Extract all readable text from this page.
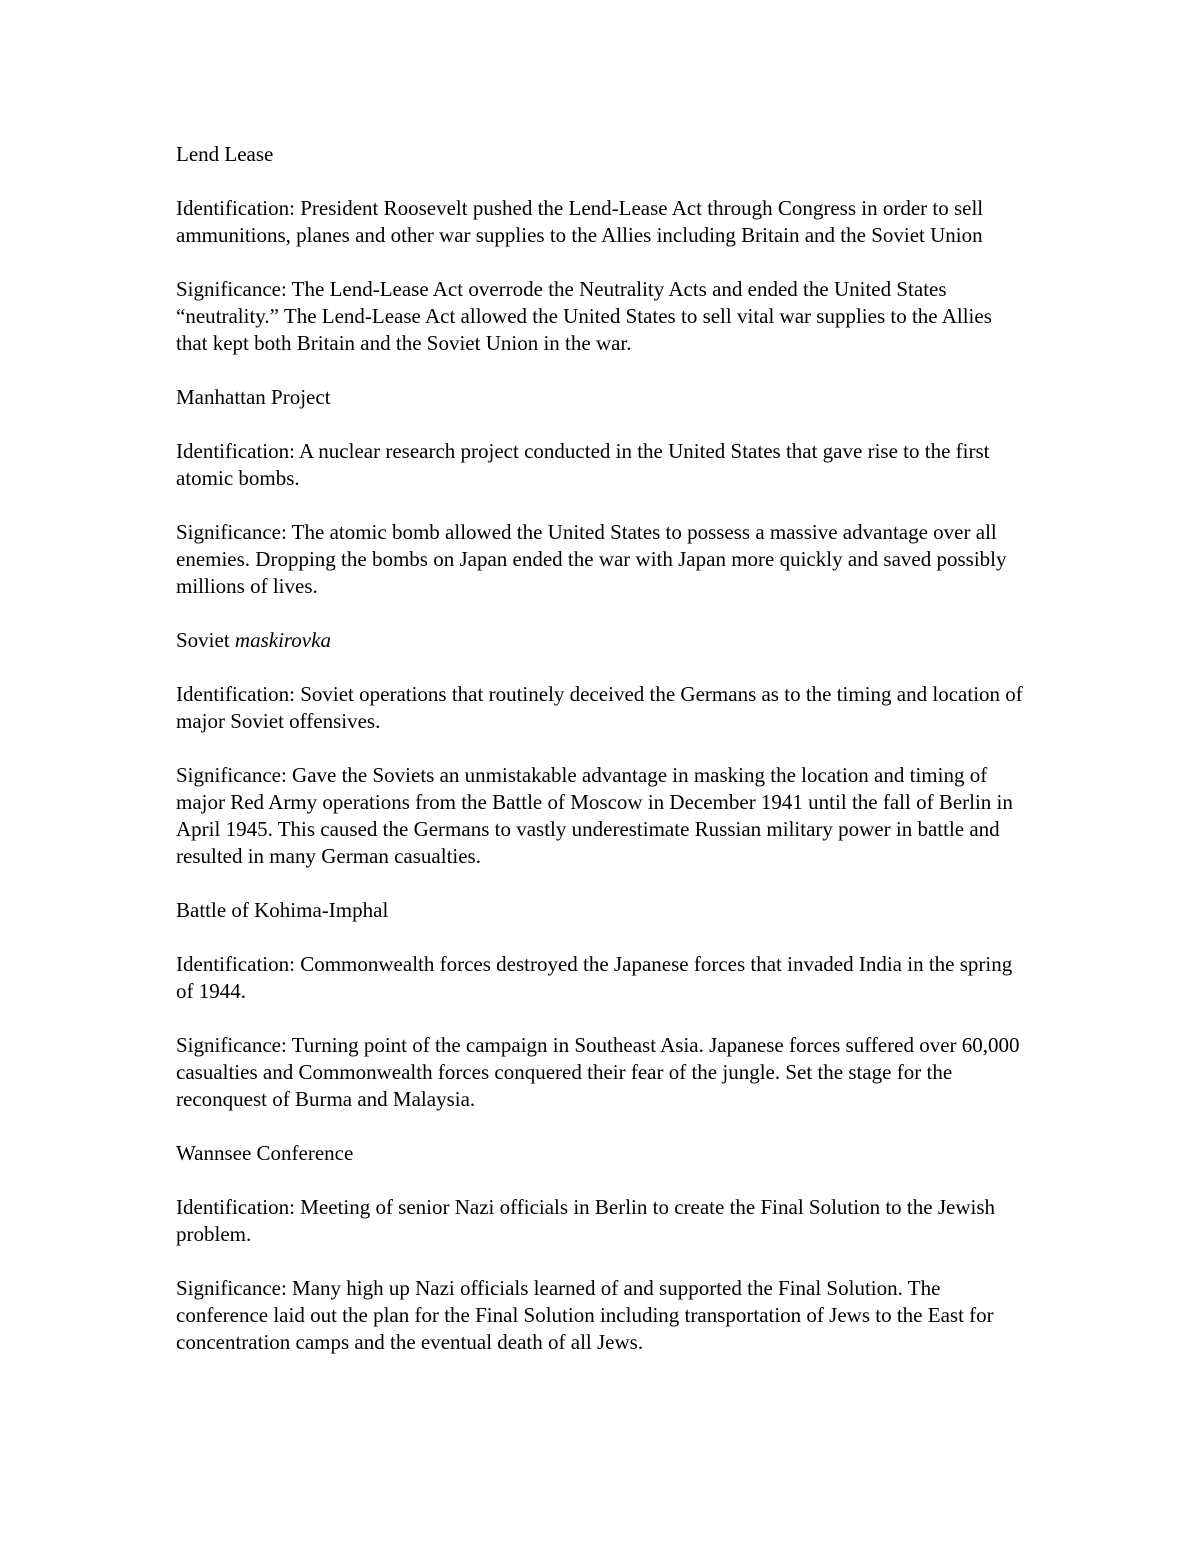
Lend Lease

Identification: President Roosevelt pushed the Lend-Lease Act through Congress in order to sell ammunitions, planes and other war supplies to the Allies including Britain and the Soviet Union

Significance: The Lend-Lease Act overrode the Neutrality Acts and ended the United States “neutrality.” The Lend-Lease Act allowed the United States to sell vital war supplies to the Allies that kept both Britain and the Soviet Union in the war.

Manhattan Project

Identification: A nuclear research project conducted in the United States that gave rise to the first atomic bombs.

Significance: The atomic bomb allowed the United States to possess a massive advantage over all enemies. Dropping the bombs on Japan ended the war with Japan more quickly and saved possibly millions of lives.

Soviet maskirovka

Identification: Soviet operations that routinely deceived the Germans as to the timing and location of major Soviet offensives.

Significance: Gave the Soviets an unmistakable advantage in masking the location and timing of major Red Army operations from the Battle of Moscow in December 1941 until the fall of Berlin in April 1945. This caused the Germans to vastly underestimate Russian military power in battle and resulted in many German casualties.

Battle of Kohima-Imphal

Identification: Commonwealth forces destroyed the Japanese forces that invaded India in the spring of 1944.

Significance: Turning point of the campaign in Southeast Asia. Japanese forces suffered over 60,000 casualties and Commonwealth forces conquered their fear of the jungle. Set the stage for the reconquest of Burma and Malaysia.

Wannsee Conference

Identification: Meeting of senior Nazi officials in Berlin to create the Final Solution to the Jewish problem.

Significance: Many high up Nazi officials learned of and supported the Final Solution. The conference laid out the plan for the Final Solution including transportation of Jews to the East for concentration camps and the eventual death of all Jews.
